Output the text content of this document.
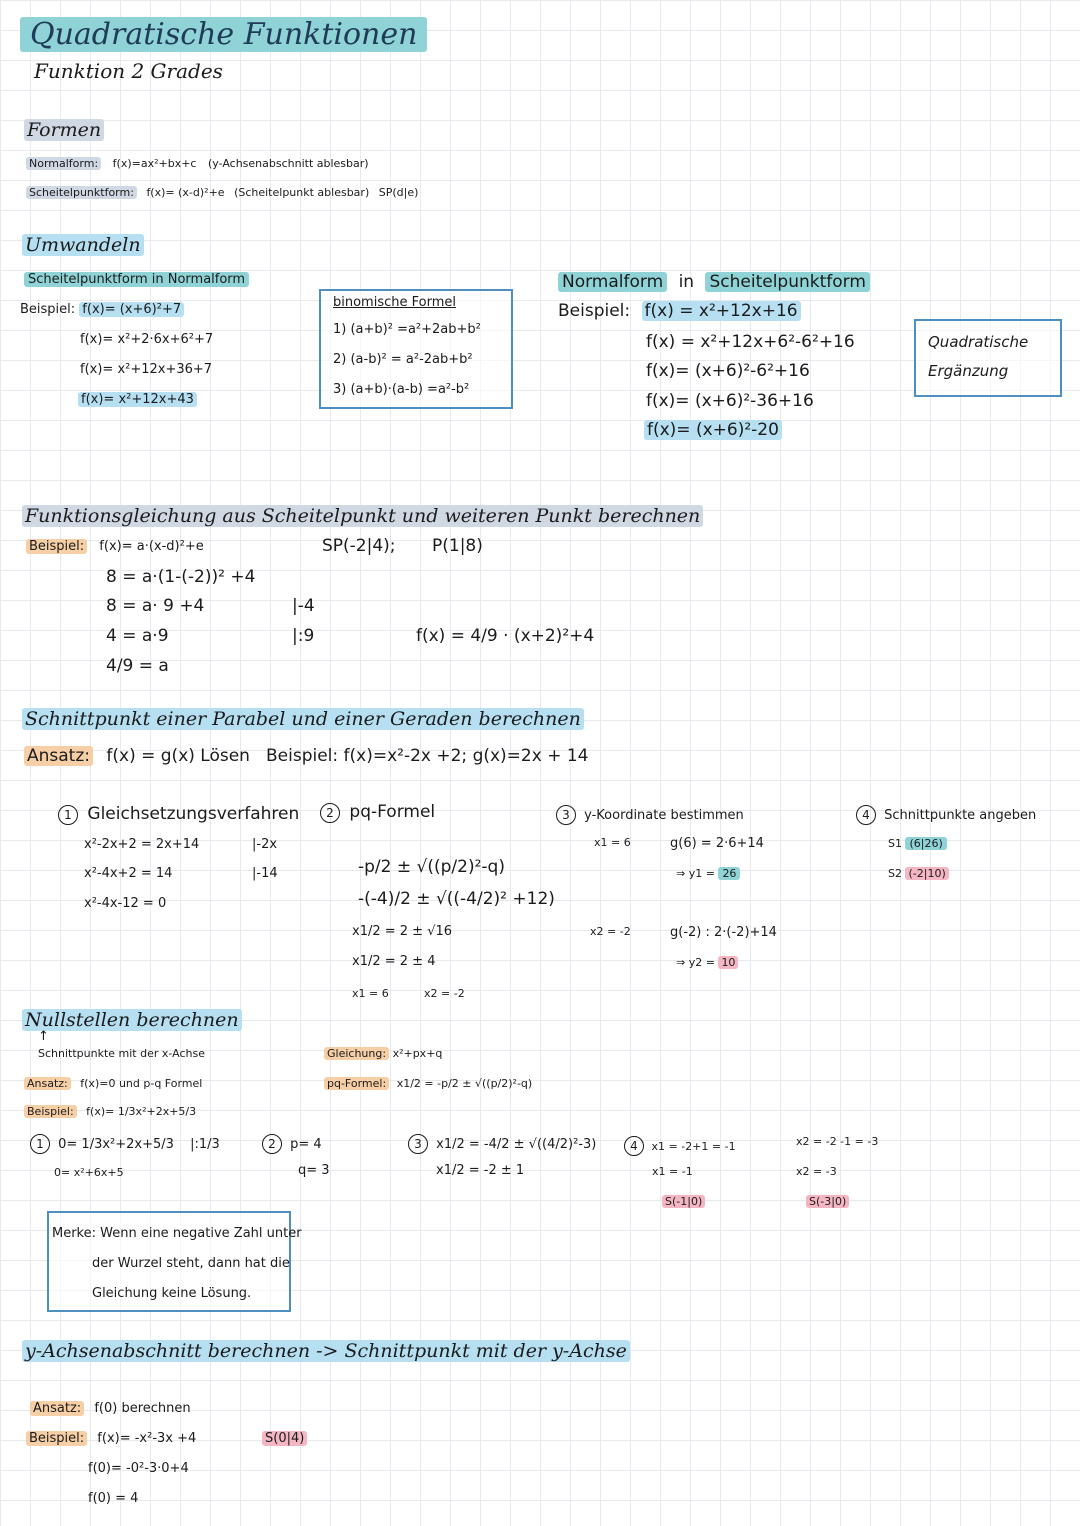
Quadratische Funktionen
Funktion 2 Grades
Formen
Normalform: f(x)=ax²+bx+c (y-Achsenabschnitt ablesbar)
Scheitelpunktform: f(x)= (x-d)²+e (Scheitelpunkt ablesbar) SP(d|e)
Umwandeln
Scheitelpunktform in Normalform
Beispiel: f(x)= (x+6)²+7
f(x)= x²+2·6x+6²+7
f(x)= x²+12x+36+7
f(x)= x²+12x+43
binomische Formel
1) (a+b)² =a²+2ab+b²
2) (a-b)² = a²-2ab+b²
3) (a+b)·(a-b) =a²-b²
Normalform in Scheitelpunktform
Beispiel: f(x) = x²+12x+16
f(x) = x²+12x+6²-6²+16
f(x)= (x+6)²-6²+16
f(x)= (x+6)²-36+16
f(x)= (x+6)²-20
Quadratische
Ergänzung
Funktionsgleichung aus Scheitelpunkt und weiteren Punkt berechnen
Beispiel: f(x)= a·(x-d)²+e	SP(-2|4); P(1|8)
8 = a·(1-(-2))² +4
8 = a· 9 +4
4 = a·9
4/9 = a
|-4
|:9	f(x) = 4/9 · (x+2)²+4
Schnittpunkt einer Parabel und einer Geraden berechnen
Ansatz: f(x) = g(x) Lösen Beispiel: f(x)=x²-2x +2; g(x)=2x + 14
1 Gleichsetzungsverfahren
x²-2x+2 = 2x+14
x²-4x+2 = 14
x²-4x-12 = 0
|-2x
|-14
2 pq-Formel
-p/2 ± √((p/2)²-q)
-(-4)/2 ± √((-4/2)² +12)
x1/2 = 2 ± √16
x1/2 = 2 ± 4
x1 = 6	x2 = -2
3 y-Koordinate bestimmen
x1 = 6	g(6) = 2·6+14
⇒ y1 = 26
x2 = -2	g(-2) : 2·(-2)+14
⇒ y2 = 10
4 Schnittpunkte angeben
S1 (6|26)
S2 (-2|10)
Nullstellen berechnen
↑
Schnittpunkte mit der x-Achse
Ansatz: f(x)=0 und p-q Formel
Beispiel: f(x)= 1/3x²+2x+5/3
1 0= 1/3x²+2x+5/3 |:1/3
0= x²+6x+5
Gleichung: x²+px+q
pq-Formel: x1/2 = -p/2 ± √((p/2)²-q)
2 p= 4
q= 3
3 x1/2 = -4/2 ± √((4/2)²-3)
x1/2 = -2 ± 1
4 x1 = -2+1 = -1
x1 = -1
S(-1|0)
x2 = -2 -1 = -3
x2 = -3
S(-3|0)
Merke: Wenn eine negative Zahl unter
der Wurzel steht, dann hat die
Gleichung keine Lösung.
y-Achsenabschnitt berechnen -> Schnittpunkt mit der y-Achse
Ansatz: f(0) berechnen
Beispiel: f(x)= -x²-3x +4	S(0|4)
f(0)= -0²-3·0+4
f(0) = 4
